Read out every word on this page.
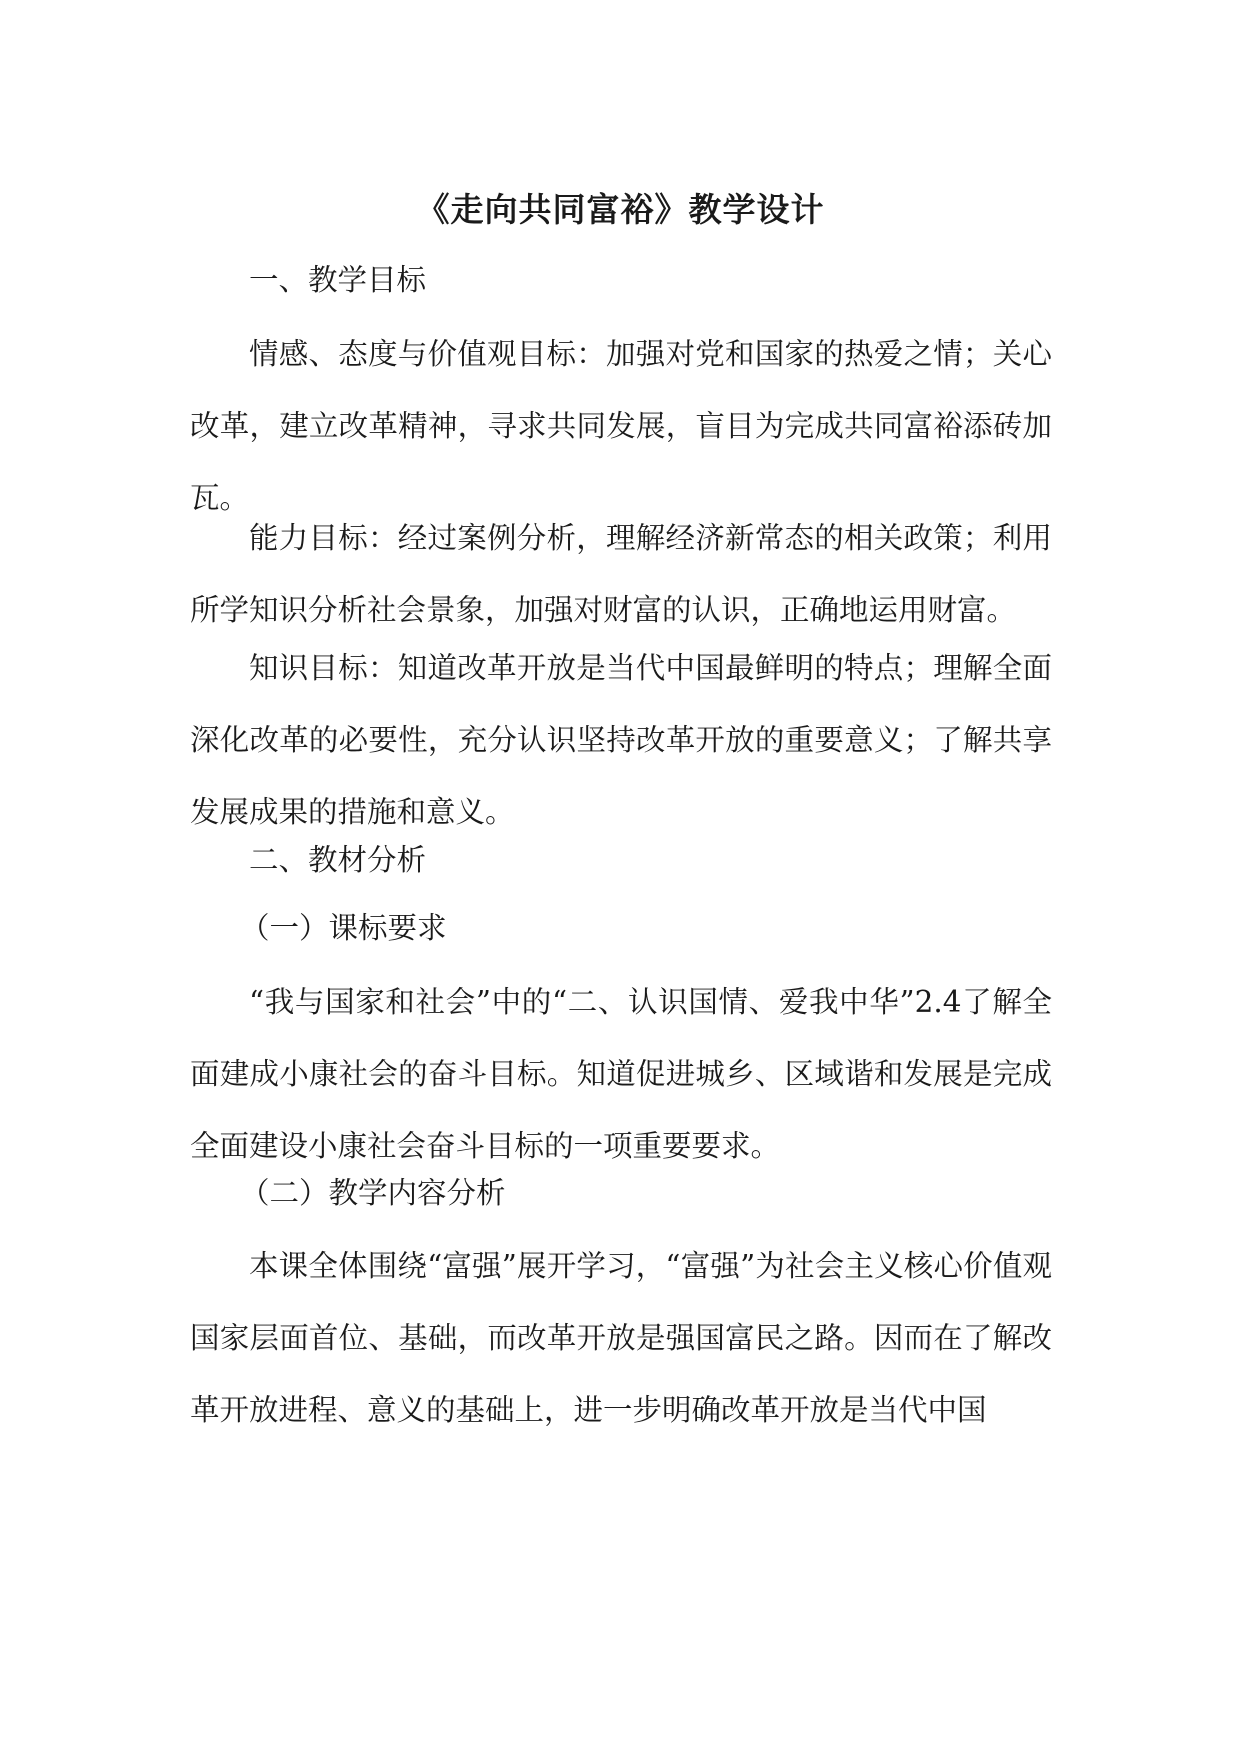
《走向共同富裕》教学设计
一、教学目标
情感、态度与价值观目标：加强对党和国家的热爱之情；关心改革，建立改革精神，寻求共同发展，盲目为完成共同富裕添砖加瓦。
能力目标：经过案例分析，理解经济新常态的相关政策；利用所学知识分析社会景象，加强对财富的认识，正确地运用财富。
知识目标：知道改革开放是当代中国最鲜明的特点；理解全面深化改革的必要性，充分认识坚持改革开放的重要意义；了解共享发展成果的措施和意义。
二、教材分析
（一）课标要求
“我与国家和社会”中的“二、认识国情、爱我中华”2.4了解全面建成小康社会的奋斗目标。知道促进城乡、区域谐和发展是完成全面建设小康社会奋斗目标的一项重要要求。
（二）教学内容分析
本课全体围绕“富强”展开学习，“富强”为社会主义核心价值观国家层面首位、基础，而改革开放是强国富民之路。因而在了解改革开放进程、意义的基础上，进一步明确改革开放是当代中国
